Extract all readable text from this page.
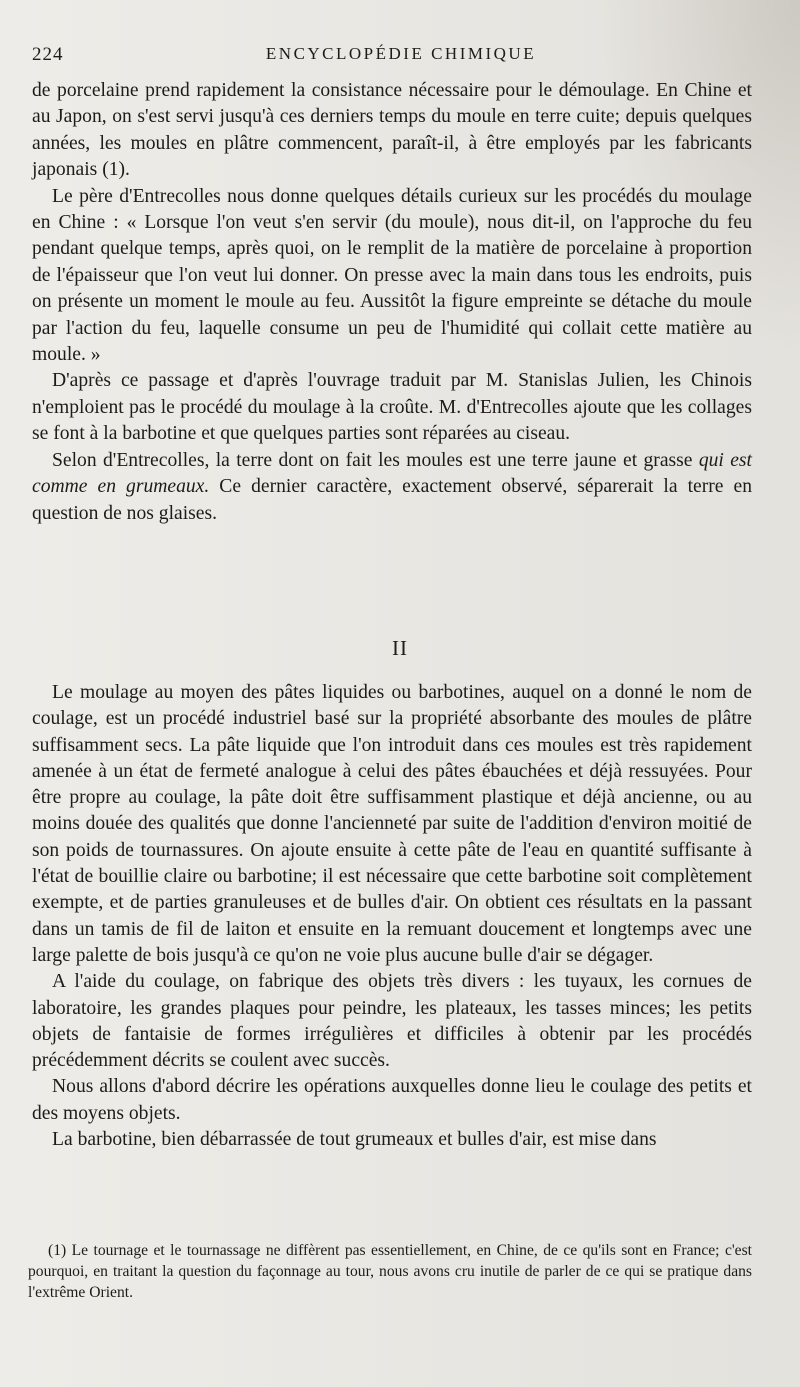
224	ENCYCLOPÉDIE CHIMIQUE

de porcelaine prend rapidement la consistance nécessaire pour le démoulage. En Chine et au Japon, on s'est servi jusqu'à ces derniers temps du moule en terre cuite; depuis quelques années, les moules en plâtre commencent, paraît-il, à être employés par les fabricants japonais (1).

Le père d'Entrecolles nous donne quelques détails curieux sur les procédés du moulage en Chine : « Lorsque l'on veut s'en servir (du moule), nous dit-il, on l'approche du feu pendant quelque temps, après quoi, on le remplit de la matière de porcelaine à proportion de l'épaisseur que l'on veut lui donner. On presse avec la main dans tous les endroits, puis on présente un moment le moule au feu. Aussitôt la figure empreinte se détache du moule par l'action du feu, laquelle consume un peu de l'humidité qui collait cette matière au moule. »

D'après ce passage et d'après l'ouvrage traduit par M. Stanislas Julien, les Chinois n'emploient pas le procédé du moulage à la croûte. M. d'Entrecolles ajoute que les collages se font à la barbotine et que quelques parties sont réparées au ciseau.

Selon d'Entrecolles, la terre dont on fait les moules est une terre jaune et grasse qui est comme en grumeaux. Ce dernier caractère, exactement observé, séparerait la terre en question de nos glaises.

II

Le moulage au moyen des pâtes liquides ou barbotines, auquel on a donné le nom de coulage, est un procédé industriel basé sur la propriété absorbante des moules de plâtre suffisamment secs. La pâte liquide que l'on introduit dans ces moules est très rapidement amenée à un état de fermeté analogue à celui des pâtes ébauchées et déjà ressuyées. Pour être propre au coulage, la pâte doit être suffisamment plastique et déjà ancienne, ou au moins douée des qualités que donne l'ancienneté par suite de l'addition d'environ moitié de son poids de tournassures. On ajoute ensuite à cette pâte de l'eau en quantité suffisante à l'état de bouillie claire ou barbotine; il est nécessaire que cette barbotine soit complètement exempte, et de parties granuleuses et de bulles d'air. On obtient ces résultats en la passant dans un tamis de fil de laiton et ensuite en la remuant doucement et longtemps avec une large palette de bois jusqu'à ce qu'on ne voie plus aucune bulle d'air se dégager.

A l'aide du coulage, on fabrique des objets très divers : les tuyaux, les cornues de laboratoire, les grandes plaques pour peindre, les plateaux, les tasses minces; les petits objets de fantaisie de formes irrégulières et difficiles à obtenir par les procédés précédemment décrits se coulent avec succès.

Nous allons d'abord décrire les opérations auxquelles donne lieu le coulage des petits et des moyens objets.

La barbotine, bien débarrassée de tout grumeaux et bulles d'air, est mise dans

(1) Le tournage et le tournassage ne diffèrent pas essentiellement, en Chine, de ce qu'ils sont en France; c'est pourquoi, en traitant la question du façonnage au tour, nous avons cru inutile de parler de ce qui se pratique dans l'extrême Orient.
